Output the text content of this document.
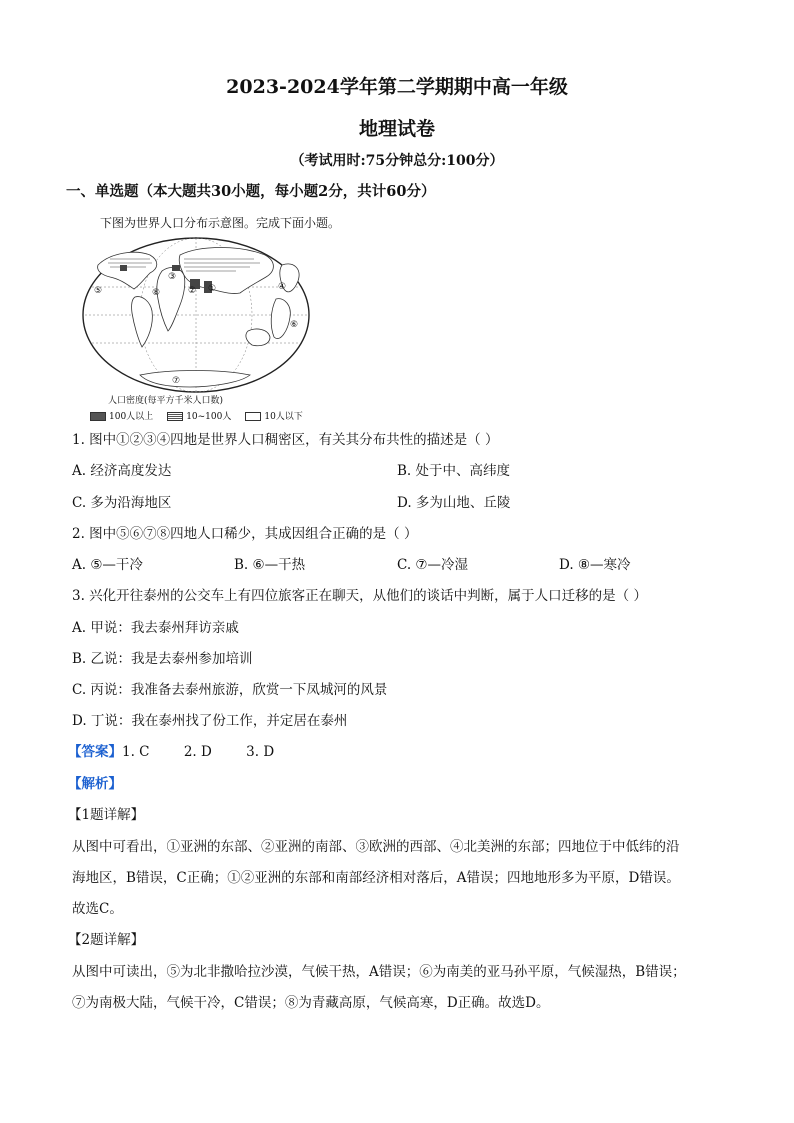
2023-2024学年第二学期期中高一年级
地理试卷
（考试用时:75分钟总分:100分）
一、单选题（本大题共30小题，每小题2分，共计60分）
下图为世界人口分布示意图。完成下面小题。
①
②
③
④
⑤
⑥
⑦
⑧
人口密度(每平方千米人口数)
100人以上	10~100人	10人以下
1. 图中①②③④四地是世界人口稠密区，有关其分布共性的描述是（ ）
A. 经济高度发达	B. 处于中、高纬度
C. 多为沿海地区	D. 多为山地、丘陵
2. 图中⑤⑥⑦⑧四地人口稀少，其成因组合正确的是（ ）
A. ⑤—干冷	B. ⑥—干热	C. ⑦—冷湿	D. ⑧—寒冷
3. 兴化开往泰州的公交车上有四位旅客正在聊天，从他们的谈话中判断，属于人口迁移的是（ ）
A. 甲说：我去泰州拜访亲戚
B. 乙说：我是去泰州参加培训
C. 丙说：我准备去泰州旅游，欣赏一下凤城河的风景
D. 丁说：我在泰州找了份工作，并定居在泰州
【答案】1. C        2. D        3. D
【解析】
【1题详解】
从图中可看出，①亚洲的东部、②亚洲的南部、③欧洲的西部、④北美洲的东部；四地位于中低纬的沿
海地区，B错误，C正确；①②亚洲的东部和南部经济相对落后，A错误；四地地形多为平原，D错误。
故选C。
【2题详解】
从图中可读出，⑤为北非撒哈拉沙漠，气候干热，A错误；⑥为南美的亚马孙平原，气候湿热，B错误；
⑦为南极大陆，气候干冷，C错误；⑧为青藏高原，气候高寒，D正确。故选D。
